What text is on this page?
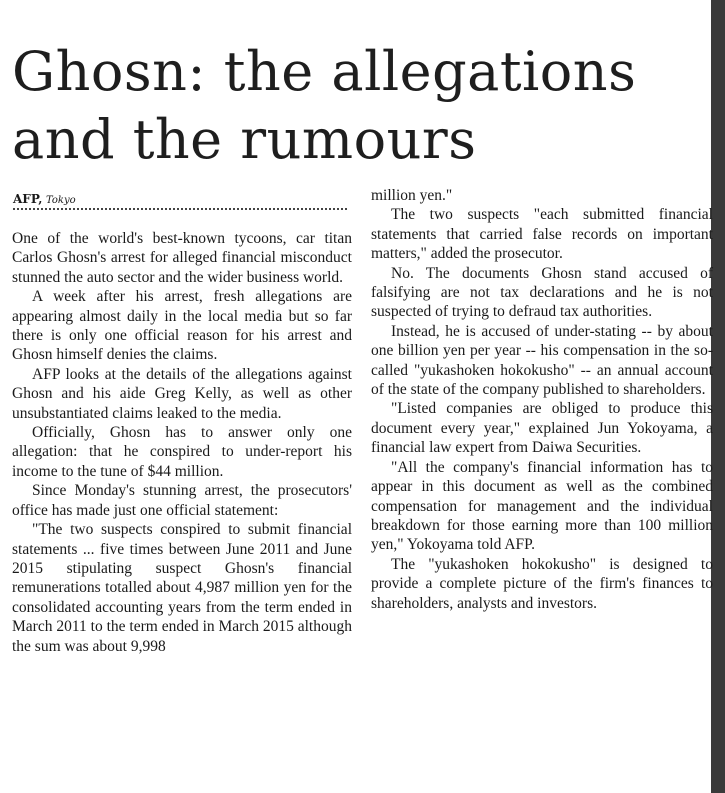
Ghosn: the allegations
and the rumours
AFP, Tokyo

One of the world's best-known tycoons, car titan Carlos Ghosn's arrest for alleged financial misconduct stunned the auto sector and the wider business world.

A week after his arrest, fresh allegations are appearing almost daily in the local media but so far there is only one official reason for his arrest and Ghosn himself denies the claims.

AFP looks at the details of the allegations against Ghosn and his aide Greg Kelly, as well as other unsubstantiated claims leaked to the media.

Officially, Ghosn has to answer only one allegation: that he conspired to under-report his income to the tune of $44 million.

Since Monday's stunning arrest, the prosecutors' office has made just one official statement:

"The two suspects conspired to submit financial statements ... five times between June 2011 and June 2015 stipulating suspect Ghosn's financial remunerations totalled about 4,987 million yen for the consolidated accounting years from the term ended in March 2011 to the term ended in March 2015 although the sum was about 9,998

million yen."

The two suspects "each submitted financial statements that carried false records on important matters," added the prosecutor.

No. The documents Ghosn stand accused of falsifying are not tax declarations and he is not suspected of trying to defraud tax authorities.

Instead, he is accused of under-stating -- by about one billion yen per year -- his compensation in the so-called "yukashoken hokokusho" -- an annual account of the state of the company published to shareholders.

"Listed companies are obliged to produce this document every year," explained Jun Yokoyama, a financial law expert from Daiwa Securities.

"All the company's financial information has to appear in this document as well as the combined compensation for management and the individual breakdown for those earning more than 100 million yen," Yokoyama told AFP.

The "yukashoken hokokusho" is designed to provide a complete picture of the firm's finances to shareholders, analysts and investors.
